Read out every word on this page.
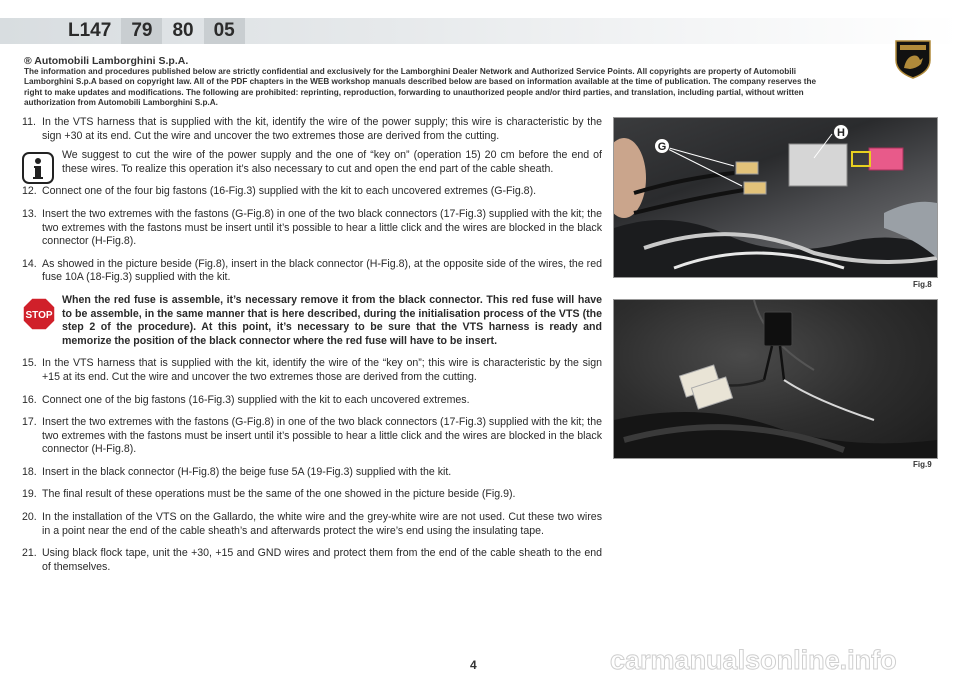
L147	79	80	05
® Automobili Lamborghini S.p.A.
The information and procedures published below are strictly confidential and exclusively for the Lamborghini Dealer Network and Authorized Service Points. All copyrights are property of Automobili Lamborghini S.p.A based on copyright law. All of the PDF chapters in the WEB workshop manuals described below are based on information available at the time of publication. The company reserves the right to make updates and modifications. The following are prohibited: reprinting, reproduction, forwarding to unauthorized people and/or third parties, and translation, including partial, without written authorization from Automobili Lamborghini S.p.A.

11. In the VTS harness that is supplied with the kit, identify the wire of the power supply; this wire is characteristic by the sign +30 at its end. Cut the wire and uncover the two extremes those are derived from the cutting.

We suggest to cut the wire of the power supply and the one of “key on” (operation 15) 20 cm before the end of these wires. To realize this operation it’s also necessary to cut and open the end part of the cable sheath.

12. Connect one of the four big fastons (16-Fig.3) supplied with the kit to each uncovered extremes (G-Fig.8).

13. Insert the two extremes with the fastons (G-Fig.8) in one of the two black connectors (17-Fig.3) supplied with the kit; the two extremes with the fastons must be insert until it’s possible to hear a little click and the wires are blocked in the black connector (H-Fig.8).

14. As showed in the picture beside (Fig.8), insert in the black connector (H-Fig.8), at the opposite side of the wires, the red fuse 10A (18-Fig.3) supplied with the kit.

STOP
When the red fuse is assemble, it’s necessary remove it from the black connector. This red fuse will have to be assemble, in the same manner that is here described, during the initialisation process of the VTS (the step 2 of the procedure). At this point, it’s necessary to be sure that the VTS harness is ready and memorize the position of the black connector where the red fuse will have to be insert.

15. In the VTS harness that is supplied with the kit, identify the wire of the “key on”; this wire is characteristic by the sign +15 at its end. Cut the wire and uncover the two extremes those are derived from the cutting.

16. Connect one of the big fastons (16-Fig.3) supplied with the kit to each uncovered extremes.

17. Insert the two extremes with the fastons (G-Fig.8) in one of the two black connectors (17-Fig.3) supplied with the kit; the two extremes with the fastons must be insert until it’s possible to hear a little click and the wires are blocked in the black connector (H-Fig.8).

18. Insert in the black connector (H-Fig.8) the beige fuse 5A (19-Fig.3) supplied with the kit.

19. The final result of these operations must be the same of the one showed in the picture beside (Fig.9).

20. In the installation of the VTS on the Gallardo, the white wire and the grey-white wire are not used. Cut these two wires in a point near the end of the cable sheath’s and afterwards protect the wire’s end using the insulating tape.

21. Using black flock tape, unit the +30, +15 and GND wires and protect them from the end of the cable sheath to the end of themselves.

G
H
Fig.8
Fig.9
4	carmanualsonline.info
